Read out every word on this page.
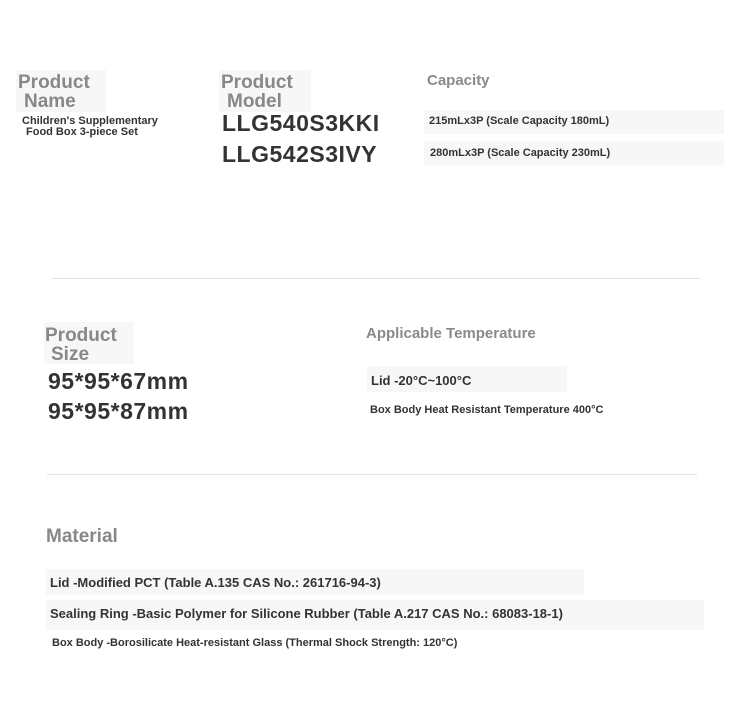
Product
Name
Children's Supplementary
Food Box 3-piece Set
Product
Model
LLG540S3KKI
LLG542S3IVY
Capacity
215mLx3P (Scale Capacity 180mL)
280mLx3P (Scale Capacity 230mL)
Product
Size
95*95*67mm
95*95*87mm
Applicable Temperature
Lid -20°C~100°C
Box Body Heat Resistant Temperature 400°C
Material
Lid -Modified PCT (Table A.135 CAS No.: 261716-94-3)
Sealing Ring -Basic Polymer for Silicone Rubber (Table A.217 CAS No.: 68083-18-1)
Box Body -Borosilicate Heat-resistant Glass (Thermal Shock Strength: 120°C)
